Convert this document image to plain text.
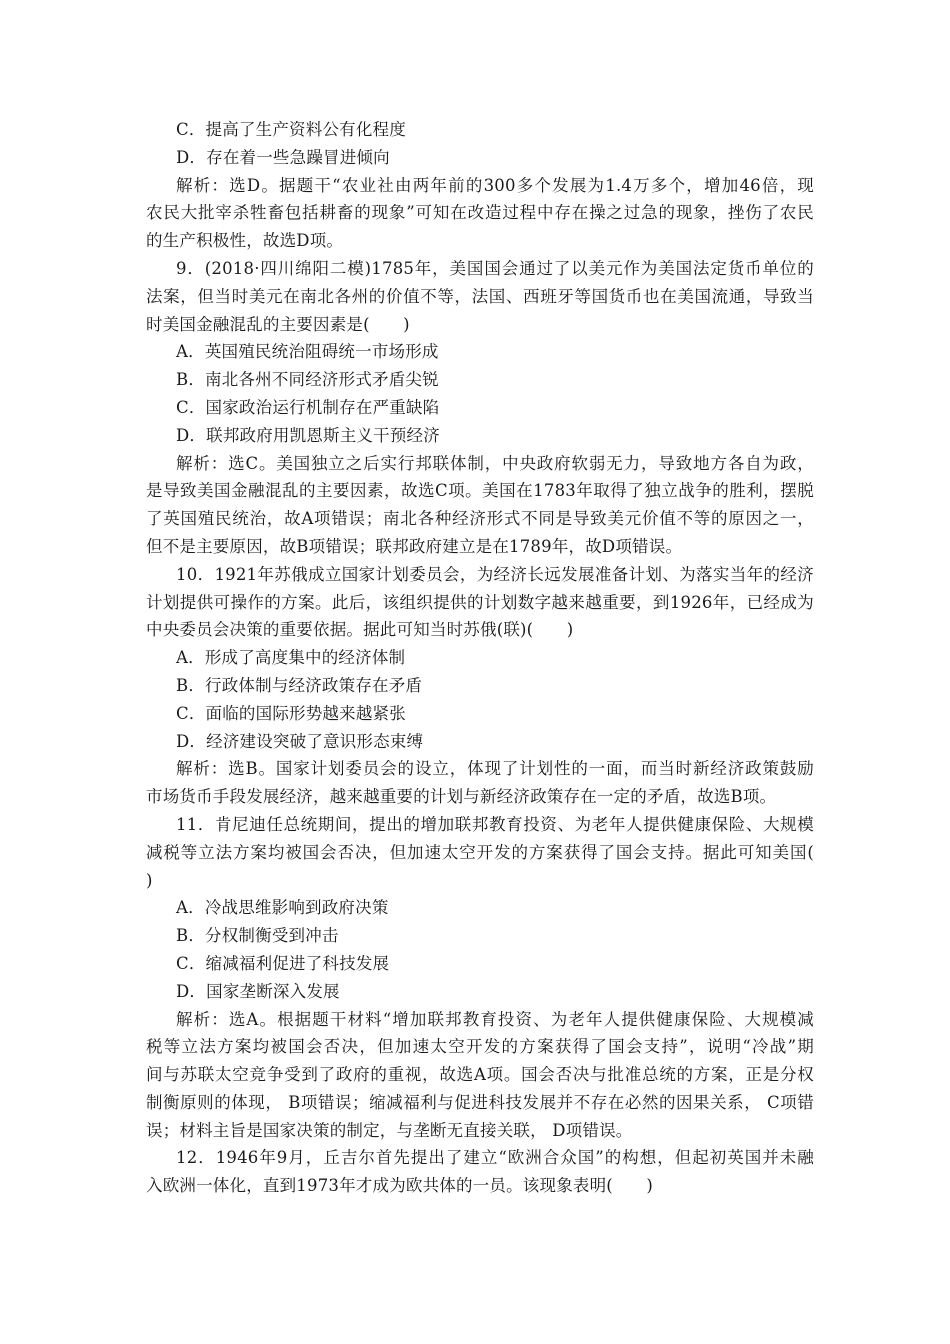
C．提高了生产资料公有化程度
D．存在着一些急躁冒进倾向
解析：选D。据题干“农业社由两年前的300多个发展为1.4万多个，增加46倍，现
农民大批宰杀牲畜包括耕畜的现象”可知在改造过程中存在操之过急的现象，挫伤了农民
的生产积极性，故选D项。
9．(2018·四川绵阳二模)1785年，美国国会通过了以美元作为美国法定货币单位的
法案，但当时美元在南北各州的价值不等，法国、西班牙等国货币也在美国流通，导致当
时美国金融混乱的主要因素是(　　)
A．英国殖民统治阻碍统一市场形成
B．南北各州不同经济形式矛盾尖锐
C．国家政治运行机制存在严重缺陷
D．联邦政府用凯恩斯主义干预经济
解析：选C。美国独立之后实行邦联体制，中央政府软弱无力，导致地方各自为政，
是导致美国金融混乱的主要因素，故选C项。美国在1783年取得了独立战争的胜利，摆脱
了英国殖民统治，故A项错误；南北各种经济形式不同是导致美元价值不等的原因之一，
但不是主要原因，故B项错误；联邦政府建立是在1789年，故D项错误。
10．1921年苏俄成立国家计划委员会，为经济长远发展准备计划、为落实当年的经济
计划提供可操作的方案。此后，该组织提供的计划数字越来越重要，到1926年，已经成为
中央委员会决策的重要依据。据此可知当时苏俄(联)(　　)
A．形成了高度集中的经济体制
B．行政体制与经济政策存在矛盾
C．面临的国际形势越来越紧张
D．经济建设突破了意识形态束缚
解析：选B。国家计划委员会的设立，体现了计划性的一面，而当时新经济政策鼓励
市场货币手段发展经济，越来越重要的计划与新经济政策存在一定的矛盾，故选B项。
11．肯尼迪任总统期间，提出的增加联邦教育投资、为老年人提供健康保险、大规模
减税等立法方案均被国会否决，但加速太空开发的方案获得了国会支持。据此可知美国(
)
A．冷战思维影响到政府决策
B．分权制衡受到冲击
C．缩减福利促进了科技发展
D．国家垄断深入发展
解析：选A。根据题干材料“增加联邦教育投资、为老年人提供健康保险、大规模减
税等立法方案均被国会否决，但加速太空开发的方案获得了国会支持”，说明“冷战”期
间与苏联太空竞争受到了政府的重视，故选A项。国会否决与批准总统的方案，正是分权
制衡原则的体现， B项错误；缩减福利与促进科技发展并不存在必然的因果关系， C项错
误；材料主旨是国家决策的制定，与垄断无直接关联， D项错误。
12．1946年9月，丘吉尔首先提出了建立“欧洲合众国”的构想，但起初英国并未融
入欧洲一体化，直到1973年才成为欧共体的一员。该现象表明(　　)
